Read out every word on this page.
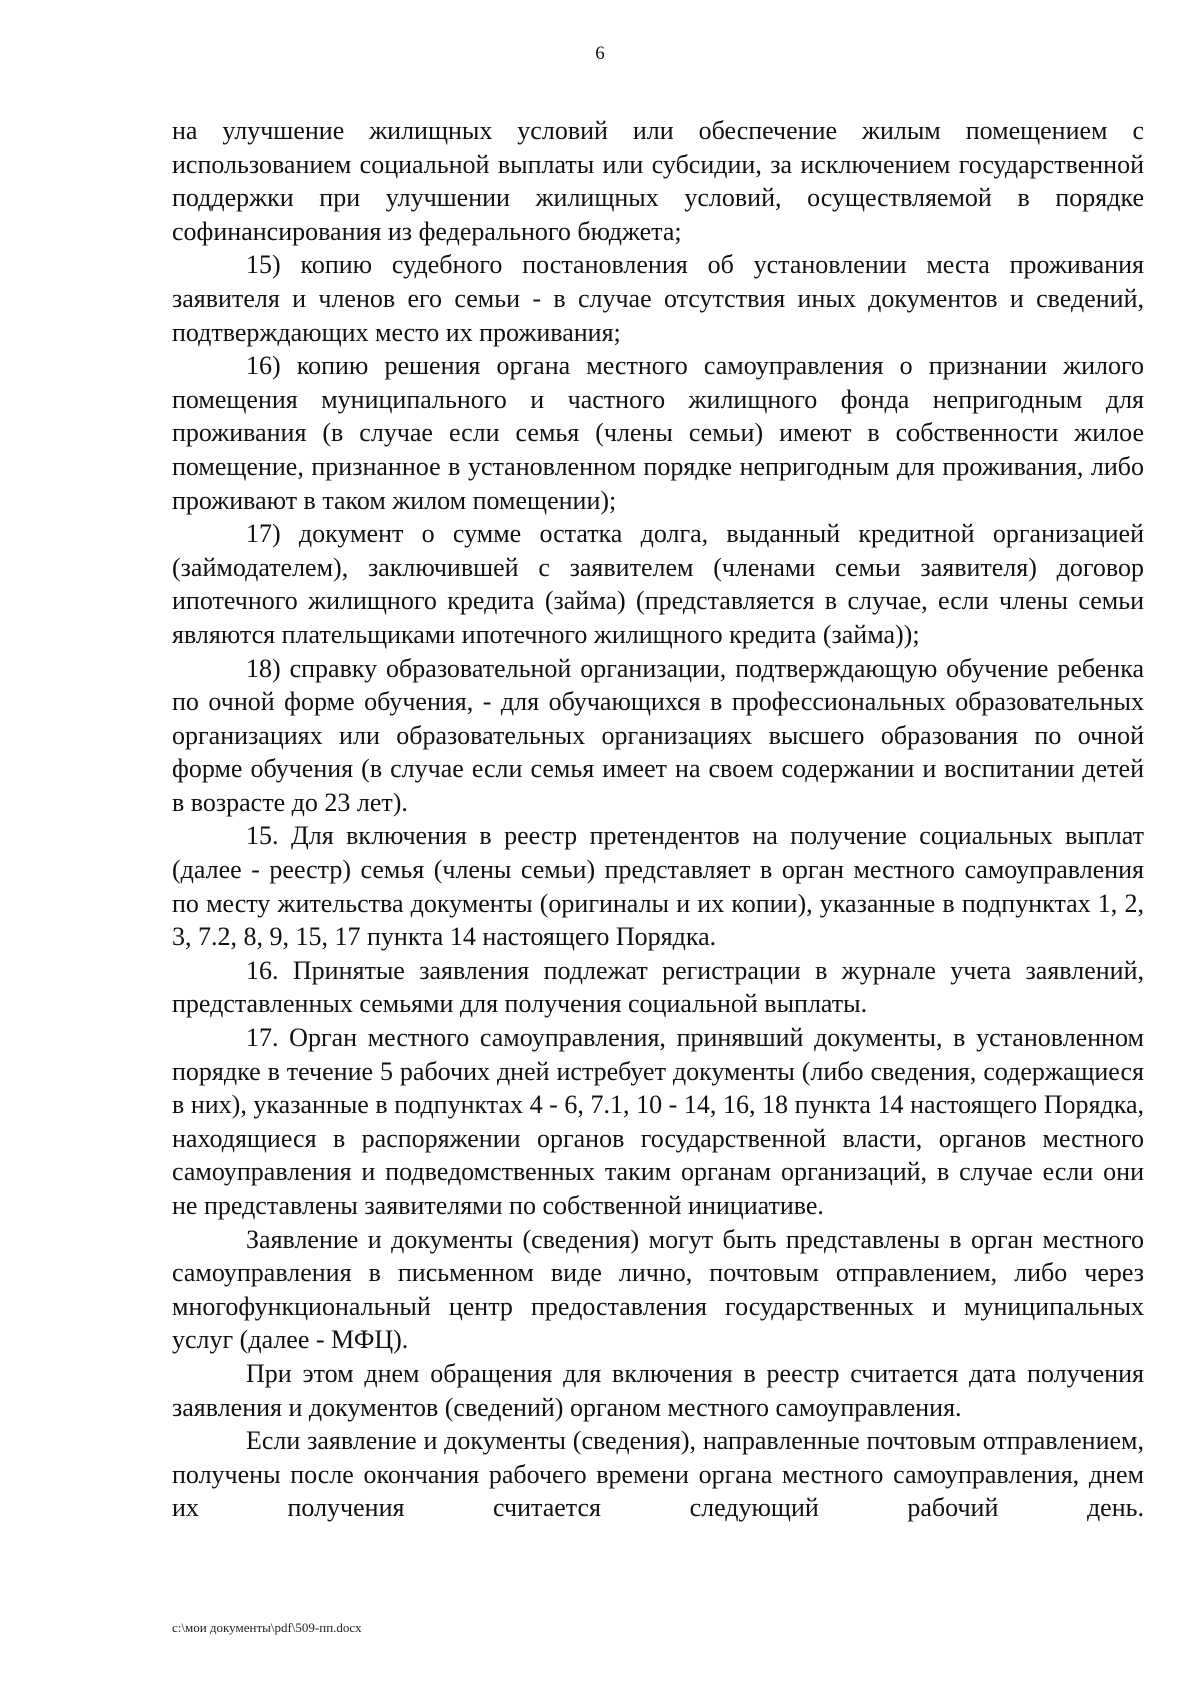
6

на улучшение жилищных условий или обеспечение жилым помещением с использованием социальной выплаты или субсидии, за исключением государственной поддержки при улучшении жилищных условий, осуществляемой в порядке софинансирования из федерального бюджета;

15) копию судебного постановления об установлении места проживания заявителя и членов его семьи - в случае отсутствия иных документов и сведений, подтверждающих место их проживания;

16) копию решения органа местного самоуправления о признании жилого помещения муниципального и частного жилищного фонда непригодным для проживания (в случае если семья (члены семьи) имеют в собственности жилое помещение, признанное в установленном порядке непригодным для проживания, либо проживают в таком жилом помещении);

17) документ о сумме остатка долга, выданный кредитной организацией (займодателем), заключившей с заявителем (членами семьи заявителя) договор ипотечного жилищного кредита (займа) (представляется в случае, если члены семьи являются плательщиками ипотечного жилищного кредита (займа));

18) справку образовательной организации, подтверждающую обучение ребенка по очной форме обучения, - для обучающихся в профессиональных образовательных организациях или образовательных организациях высшего образования по очной форме обучения (в случае если семья имеет на своем содержании и воспитании детей в возрасте до 23 лет).

15. Для включения в реестр претендентов на получение социальных выплат (далее - реестр) семья (члены семьи) представляет в орган местного самоуправления по месту жительства документы (оригиналы и их копии), указанные в подпунктах 1, 2, 3, 7.2, 8, 9, 15, 17 пункта 14 настоящего Порядка.

16. Принятые заявления подлежат регистрации в журнале учета заявлений, представленных семьями для получения социальной выплаты.

17. Орган местного самоуправления, принявший документы, в установленном порядке в течение 5 рабочих дней истребует документы (либо сведения, содержащиеся в них), указанные в подпунктах 4 - 6, 7.1, 10 - 14, 16, 18 пункта 14 настоящего Порядка, находящиеся в распоряжении органов государственной власти, органов местного самоуправления и подведомственных таким органам организаций, в случае если они не представлены заявителями по собственной инициативе.

Заявление и документы (сведения) могут быть представлены в орган местного самоуправления в письменном виде лично, почтовым отправлением, либо через многофункциональный центр предоставления государственных и муниципальных услуг (далее - МФЦ).

При этом днем обращения для включения в реестр считается дата получения заявления и документов (сведений) органом местного самоуправления.

Если заявление и документы (сведения), направленные почтовым отправлением, получены после окончания рабочего времени органа местного самоуправления, днем их получения считается следующий рабочий день.

c:\мои документы\pdf\509-пп.docx
